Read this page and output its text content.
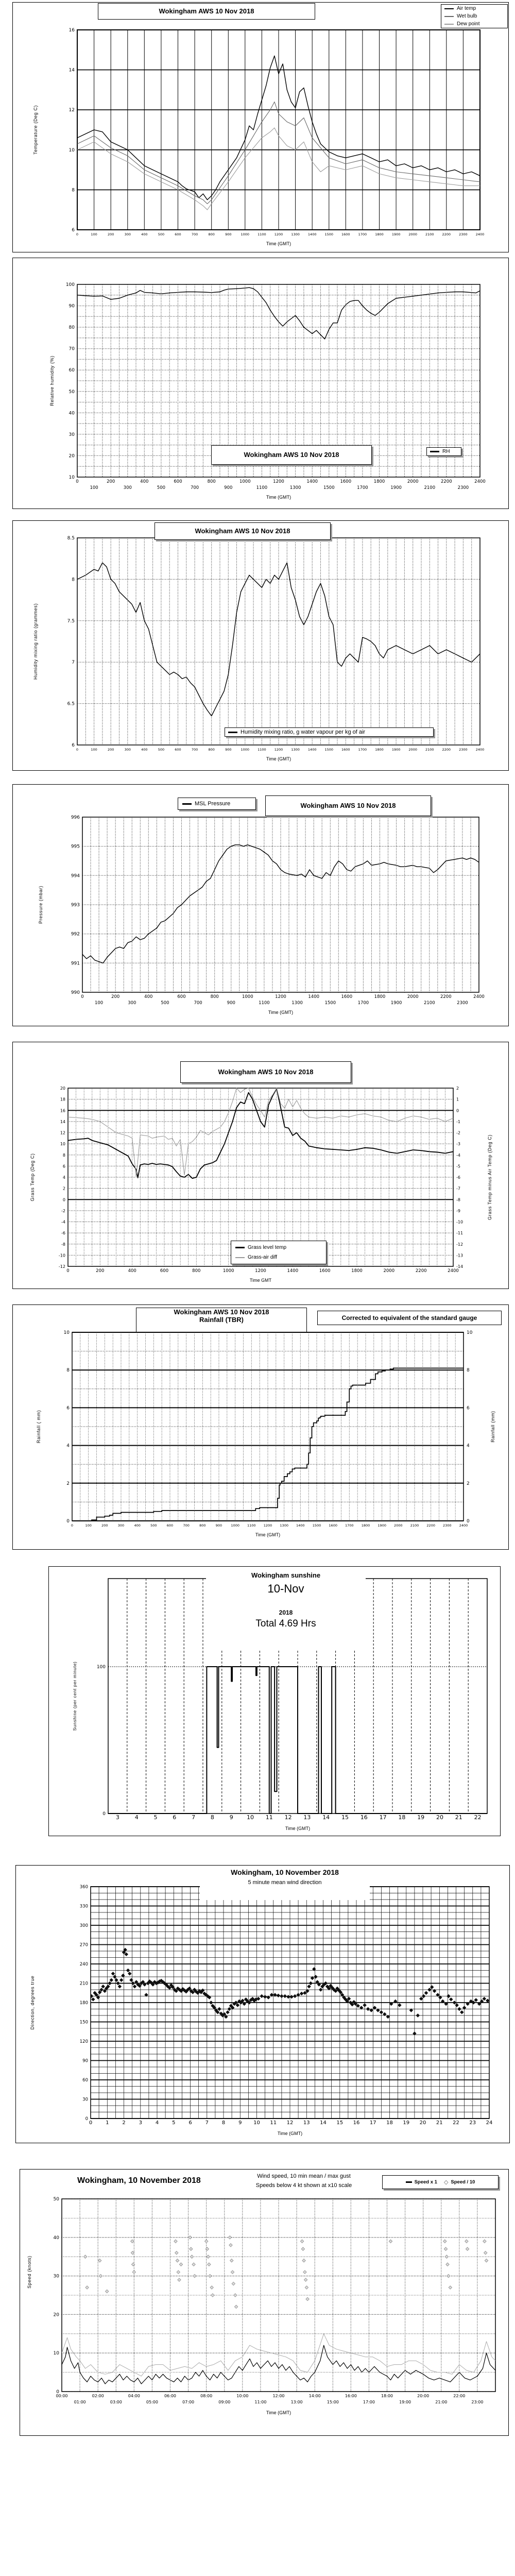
0	100	200	300	400	500	600	700	800	900	1000 1100 1200 1300 1400 1500 1600 1700 1800 1900 2000 2100 2200 2300 2400
6
8
10
12
14
16
0
100
200
300
400
500
600
700
800
900
1000
1100
1200
1300
1400
1500
1600
1700
1800
1900
2000
2100
2200
2300
2400
10
20
30
40
50
60
70
80
90
100
0	100	200	300	400	500	600	700	800	900	1000 1100 1200 1300 1400 1500 1600 1700 1800 1900 2000 2100 2200 2300 2400
6
6.5
7
7.5
8
8.5
0
100
200
300
400
500
600
700
800
900
1000
1100
1200
1300
1400
1500
1600
1700
1800
1900
2000
2100
2200
2300
2400
990
991
992
993
994
995
996
0	200	400	600	800	1000	1200	1400	1600	1800	2000	2200	2400
-12
-10
-8
-6
-4
-2
0
2
4
6
8
10
12
14
16
18
20
-14
-13
-12
-11
-10
-9
-8
-7
-6
-5
-4
-3
-2
-1
0
1
2
0	100	200	300	400	500	600	700	800	900	1000 1100 1200 1300 1400 1500 1600 1700 1800 1900 2000 2100 2200 2300 2400
0
2
4
6
8
10
0
2
4
6
8
10
3	4	5	6	7	8	9 10 11 12 13 14 15 16 17 18 19 20 21 22
0
100
0	1	2	3	4	5	6	7	8	9 10 11 12 13 14 15 16 17 18 19 20 21 22 23 24
0
30
60
90
120
150
180
210
240
270
300
330
360
00:00
01:00
02:00
03:00
04:00
05:00
06:00
07:00
08:00
09:00
10:00
11:00
12:00
13:00
14:00
15:00
16:00
17:00
18:00
19:00
20:00
21:00
22:00
23:00
0
10
20
30
40
50
Wokingham AWS 10 Nov 2018	Air temp
Wet bulb
Dew point
Temperature (Deg C)
Time (GMT)
Wokingham AWS 10 Nov 2018	RH
Relative humidity (%)
Time (GMT)
Wokingham AWS 10 Nov 2018
Humidity mixing ratio, g water vapour per kg of air
Humidity mixing ratio (grammes)
Time (GMT)
MSL Pressure	Wokingham AWS 10 Nov 2018
Pressure (mbar)
Time (GMT)
Wokingham AWS 10 Nov 2018
Grass level temp
Grass-air diff
Grass Temp (Deg C)	Grass Temp minus Air Temp (Deg C)
Time GMT
Wokingham AWS 10 Nov 2018
Rainfall (TBR)	Corrected to equivalent of the standard gauge
Rainfall ( mm)	Rainfall (mm)
Time (GMT)
Wokingham sunshine
10-Nov
2018
Total 4.69 Hrs
Sunshine (per cent per minute)
Time (GMT)
Wokingham, 10 November 2018
5 minute mean wind direction
Direction, degrees true
Time (GMT)
Wokingham, 10 November 2018	Wind speed, 10 min mean / max gust
Speeds below 4 kt shown at x10 scale
Speed x 1 ◇ Speed / 10
Speed (knots)
Time (GMT)
